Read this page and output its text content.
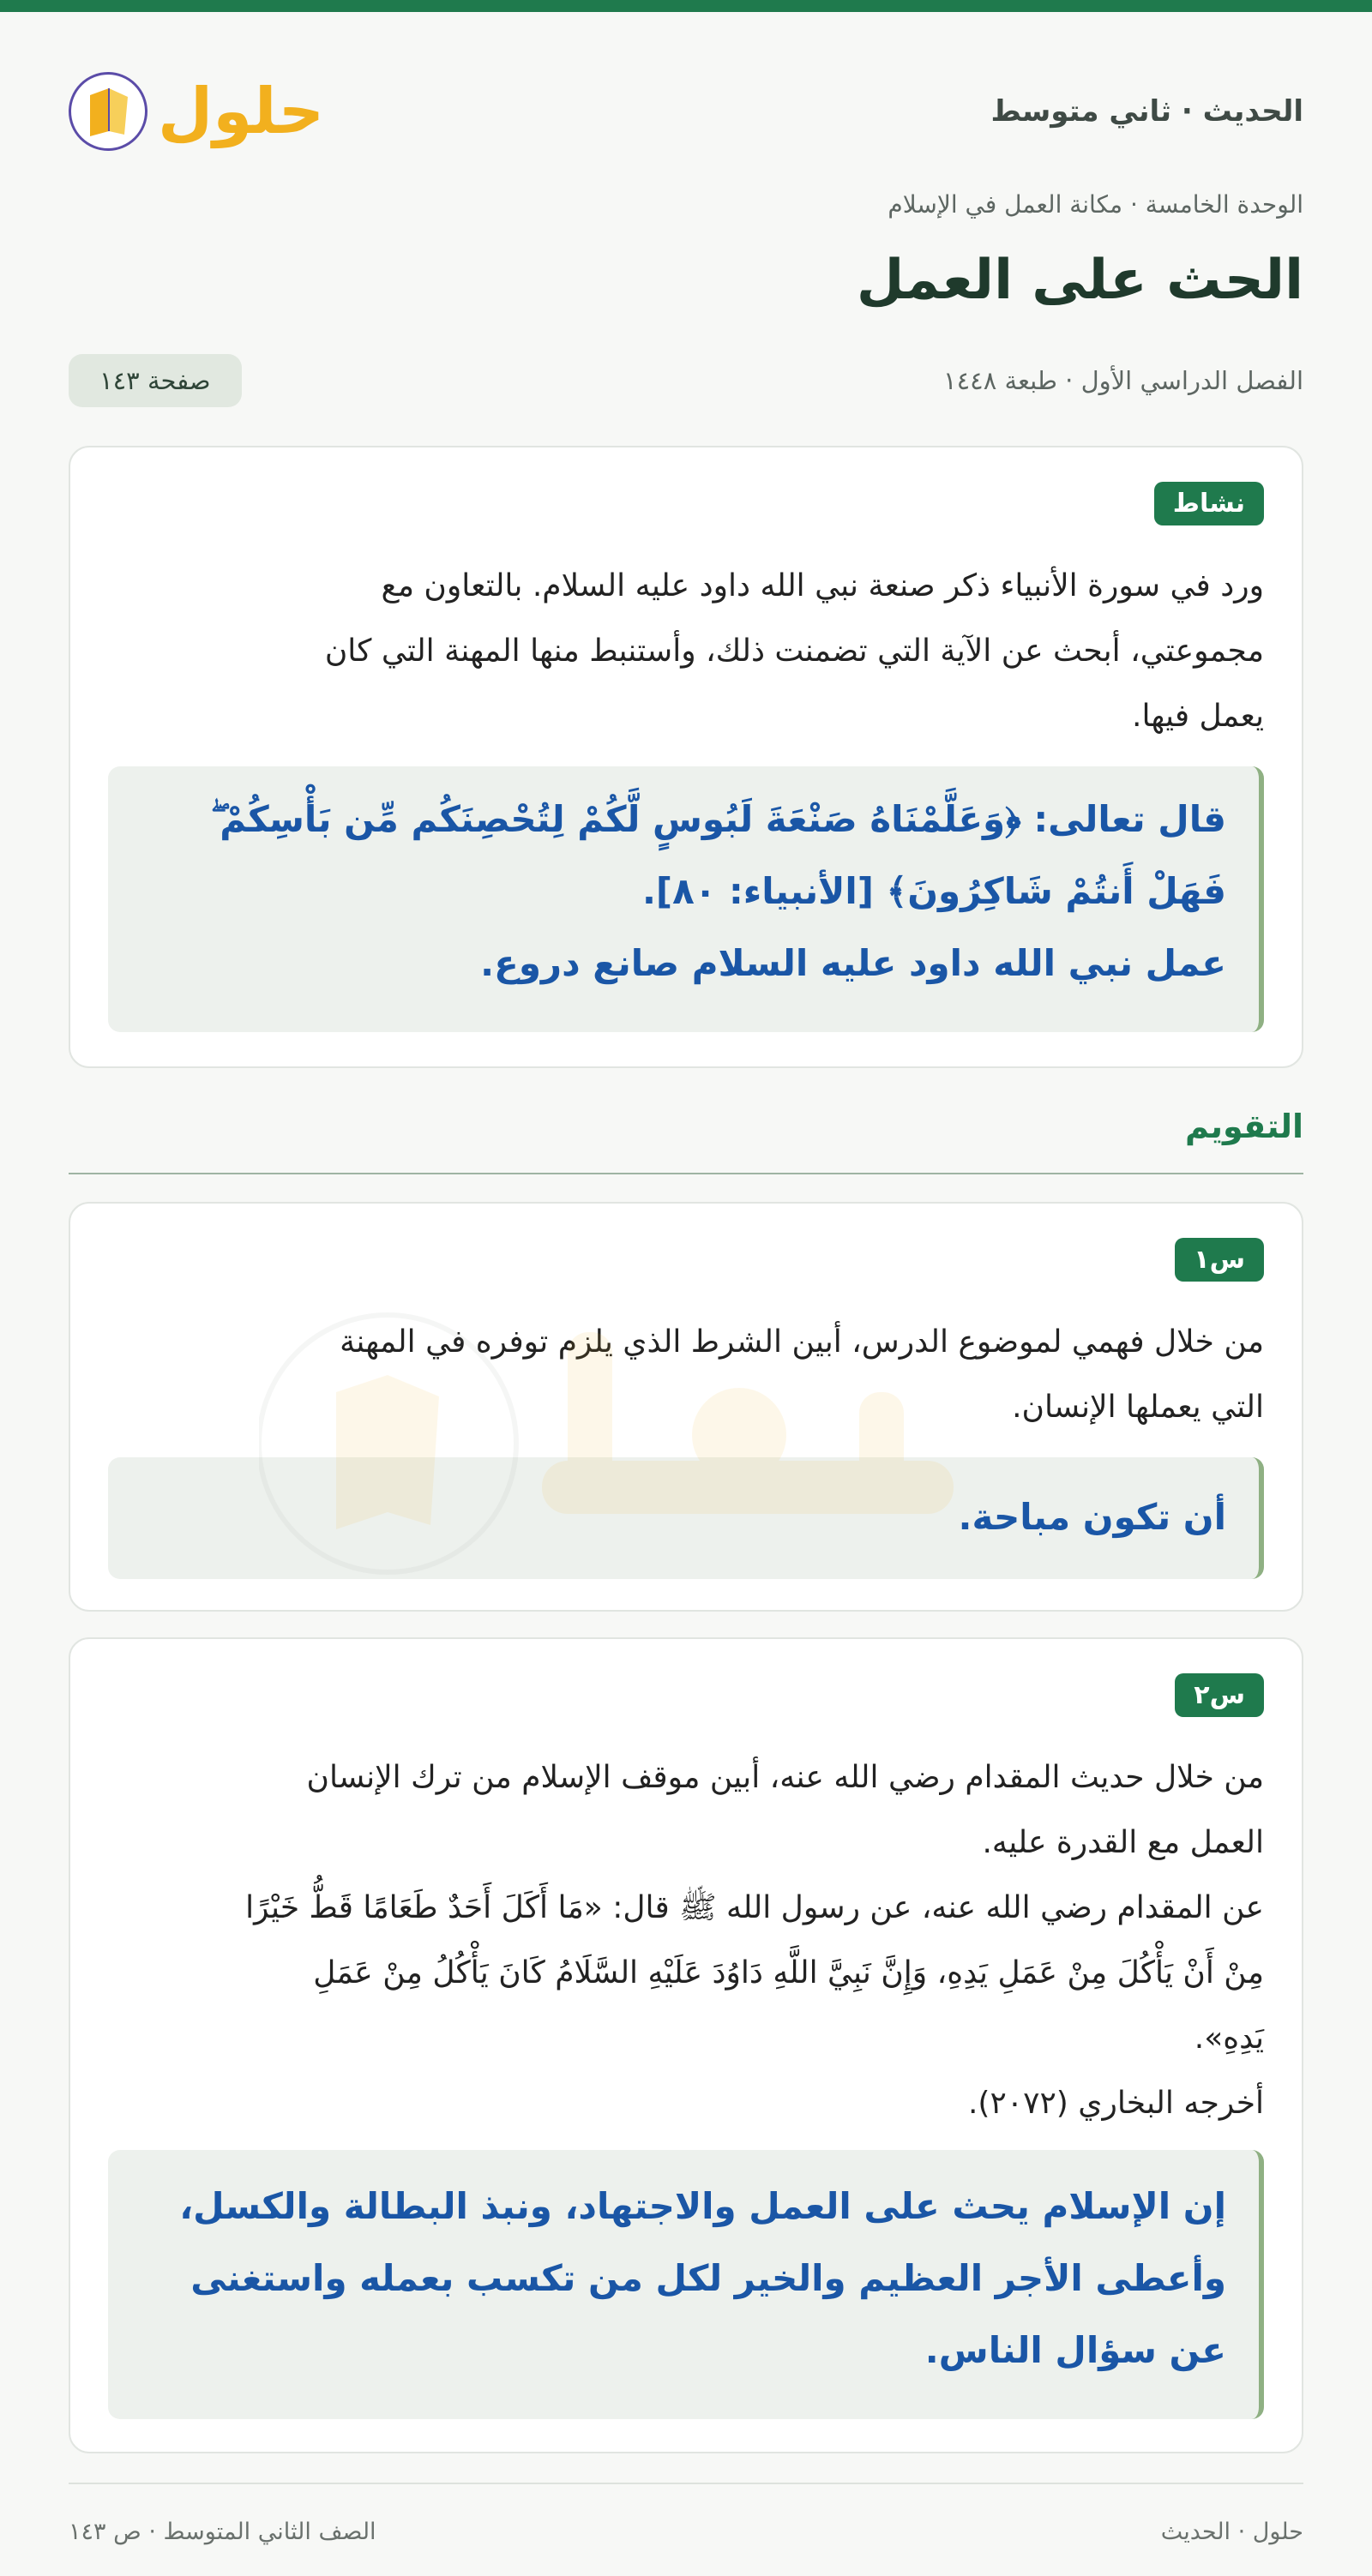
الحديث · ثاني متوسط
حلول
الوحدة الخامسة · مكانة العمل في الإسلام
الحث على العمل
الفصل الدراسي الأول · طبعة ١٤٤٨
صفحة ١٤٣
نشاط
ورد في سورة الأنبياء ذكر صنعة نبي الله داود عليه السلام. بالتعاون مع
مجموعتي، أبحث عن الآية التي تضمنت ذلك، وأستنبط منها المهنة التي كان
يعمل فيها.
قال تعالى: ﴿وَعَلَّمْنَاهُ صَنْعَةَ لَبُوسٍ لَّكُمْ لِتُحْصِنَكُم مِّن بَأْسِكُمْ ۖ
فَهَلْ أَنتُمْ شَاكِرُونَ﴾ [الأنبياء: ٨٠].
عمل نبي الله داود عليه السلام صانع دروع.
التقويم
س١
من خلال فهمي لموضوع الدرس، أبين الشرط الذي يلزم توفره في المهنة
التي يعملها الإنسان.
أن تكون مباحة.
س٢
من خلال حديث المقدام رضي الله عنه، أبين موقف الإسلام من ترك الإنسان
العمل مع القدرة عليه.
عن المقدام رضي الله عنه، عن رسول الله ﷺ قال: «مَا أَكَلَ أَحَدٌ طَعَامًا قَطُّ خَيْرًا
مِنْ أَنْ يَأْكُلَ مِنْ عَمَلِ يَدِهِ، وَإِنَّ نَبِيَّ اللَّهِ دَاوُدَ عَلَيْهِ السَّلَامُ كَانَ يَأْكُلُ مِنْ عَمَلِ
يَدِهِ».
أخرجه البخاري (٢٠٧٢).
إن الإسلام يحث على العمل والاجتهاد، ونبذ البطالة والكسل،
وأعطى الأجر العظيم والخير لكل من تكسب بعمله واستغنى
عن سؤال الناس.
حلول · الحديث
الصف الثاني المتوسط · ص ١٤٣
